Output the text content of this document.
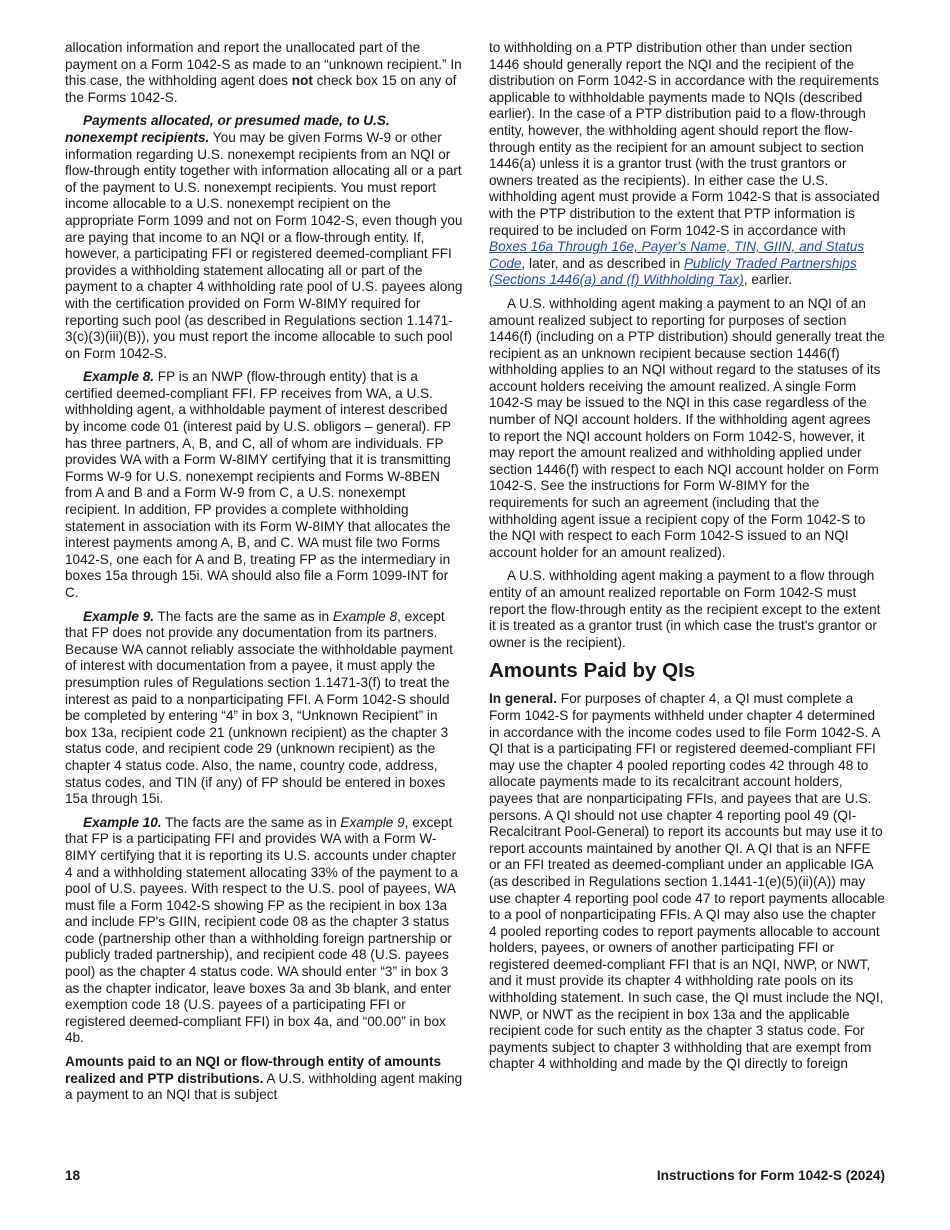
allocation information and report the unallocated part of the payment on a Form 1042-S as made to an “unknown recipient.” In this case, the withholding agent does not check box 15 on any of the Forms 1042-S.

Payments allocated, or presumed made, to U.S. nonexempt recipients. You may be given Forms W-9 or other information regarding U.S. nonexempt recipients from an NQI or flow-through entity together with information allocating all or a part of the payment to U.S. nonexempt recipients. You must report income allocable to a U.S. nonexempt recipient on the appropriate Form 1099 and not on Form 1042-S, even though you are paying that income to an NQI or a flow-through entity. If, however, a participating FFI or registered deemed-compliant FFI provides a withholding statement allocating all or part of the payment to a chapter 4 withholding rate pool of U.S. payees along with the certification provided on Form W-8IMY required for reporting such pool (as described in Regulations section 1.1471-3(c)(3)(iii)(B)), you must report the income allocable to such pool on Form 1042-S.

Example 8. FP is an NWP (flow-through entity) that is a certified deemed-compliant FFI. FP receives from WA, a U.S. withholding agent, a withholdable payment of interest described by income code 01 (interest paid by U.S. obligors – general). FP has three partners, A, B, and C, all of whom are individuals. FP provides WA with a Form W-8IMY certifying that it is transmitting Forms W-9 for U.S. nonexempt recipients and Forms W-8BEN from A and B and a Form W-9 from C, a U.S. nonexempt recipient. In addition, FP provides a complete withholding statement in association with its Form W-8IMY that allocates the interest payments among A, B, and C. WA must file two Forms 1042-S, one each for A and B, treating FP as the intermediary in boxes 15a through 15i. WA should also file a Form 1099-INT for C.

Example 9. The facts are the same as in Example 8, except that FP does not provide any documentation from its partners. Because WA cannot reliably associate the withholdable payment of interest with documentation from a payee, it must apply the presumption rules of Regulations section 1.1471-3(f) to treat the interest as paid to a nonparticipating FFI. A Form 1042-S should be completed by entering “4” in box 3, “Unknown Recipient” in box 13a, recipient code 21 (unknown recipient) as the chapter 3 status code, and recipient code 29 (unknown recipient) as the chapter 4 status code. Also, the name, country code, address, status codes, and TIN (if any) of FP should be entered in boxes 15a through 15i.

Example 10. The facts are the same as in Example 9, except that FP is a participating FFI and provides WA with a Form W-8IMY certifying that it is reporting its U.S. accounts under chapter 4 and a withholding statement allocating 33% of the payment to a pool of U.S. payees. With respect to the U.S. pool of payees, WA must file a Form 1042-S showing FP as the recipient in box 13a and include FP's GIIN, recipient code 08 as the chapter 3 status code (partnership other than a withholding foreign partnership or publicly traded partnership), and recipient code 48 (U.S. payees pool) as the chapter 4 status code. WA should enter “3” in box 3 as the chapter indicator, leave boxes 3a and 3b blank, and enter exemption code 18 (U.S. payees of a participating FFI or registered deemed-compliant FFI) in box 4a, and “00.00” in box 4b.

Amounts paid to an NQI or flow-through entity of amounts realized and PTP distributions. A U.S. withholding agent making a payment to an NQI that is subject

to withholding on a PTP distribution other than under section 1446 should generally report the NQI and the recipient of the distribution on Form 1042-S in accordance with the requirements applicable to withholdable payments made to NQIs (described earlier). In the case of a PTP distribution paid to a flow-through entity, however, the withholding agent should report the flow-through entity as the recipient for an amount subject to section 1446(a) unless it is a grantor trust (with the trust grantors or owners treated as the recipients). In either case the U.S. withholding agent must provide a Form 1042-S that is associated with the PTP distribution to the extent that PTP information is required to be included on Form 1042-S in accordance with Boxes 16a Through 16e, Payer's Name, TIN, GIIN, and Status Code, later, and as described in Publicly Traded Partnerships (Sections 1446(a) and (f) Withholding Tax), earlier.

A U.S. withholding agent making a payment to an NQI of an amount realized subject to reporting for purposes of section 1446(f) (including on a PTP distribution) should generally treat the recipient as an unknown recipient because section 1446(f) withholding applies to an NQI without regard to the statuses of its account holders receiving the amount realized. A single Form 1042-S may be issued to the NQI in this case regardless of the number of NQI account holders. If the withholding agent agrees to report the NQI account holders on Form 1042-S, however, it may report the amount realized and withholding applied under section 1446(f) with respect to each NQI account holder on Form 1042-S. See the instructions for Form W-8IMY for the requirements for such an agreement (including that the withholding agent issue a recipient copy of the Form 1042-S to the NQI with respect to each Form 1042-S issued to an NQI account holder for an amount realized).

A U.S. withholding agent making a payment to a flow through entity of an amount realized reportable on Form 1042-S must report the flow-through entity as the recipient except to the extent it is treated as a grantor trust (in which case the trust's grantor or owner is the recipient).

Amounts Paid by QIs

In general. For purposes of chapter 4, a QI must complete a Form 1042-S for payments withheld under chapter 4 determined in accordance with the income codes used to file Form 1042-S. A QI that is a participating FFI or registered deemed-compliant FFI may use the chapter 4 pooled reporting codes 42 through 48 to allocate payments made to its recalcitrant account holders, payees that are nonparticipating FFIs, and payees that are U.S. persons. A QI should not use chapter 4 reporting pool 49 (QI- Recalcitrant Pool-General) to report its accounts but may use it to report accounts maintained by another QI. A QI that is an NFFE or an FFI treated as deemed-compliant under an applicable IGA (as described in Regulations section 1.1441-1(e)(5)(ii)(A)) may use chapter 4 reporting pool code 47 to report payments allocable to a pool of nonparticipating FFIs. A QI may also use the chapter 4 pooled reporting codes to report payments allocable to account holders, payees, or owners of another participating FFI or registered deemed-compliant FFI that is an NQI, NWP, or NWT, and it must provide its chapter 4 withholding rate pools on its withholding statement. In such case, the QI must include the NQI, NWP, or NWT as the recipient in box 13a and the applicable recipient code for such entity as the chapter 3 status code. For payments subject to chapter 3 withholding that are exempt from chapter 4 withholding and made by the QI directly to foreign

18	Instructions for Form 1042-S (2024)
